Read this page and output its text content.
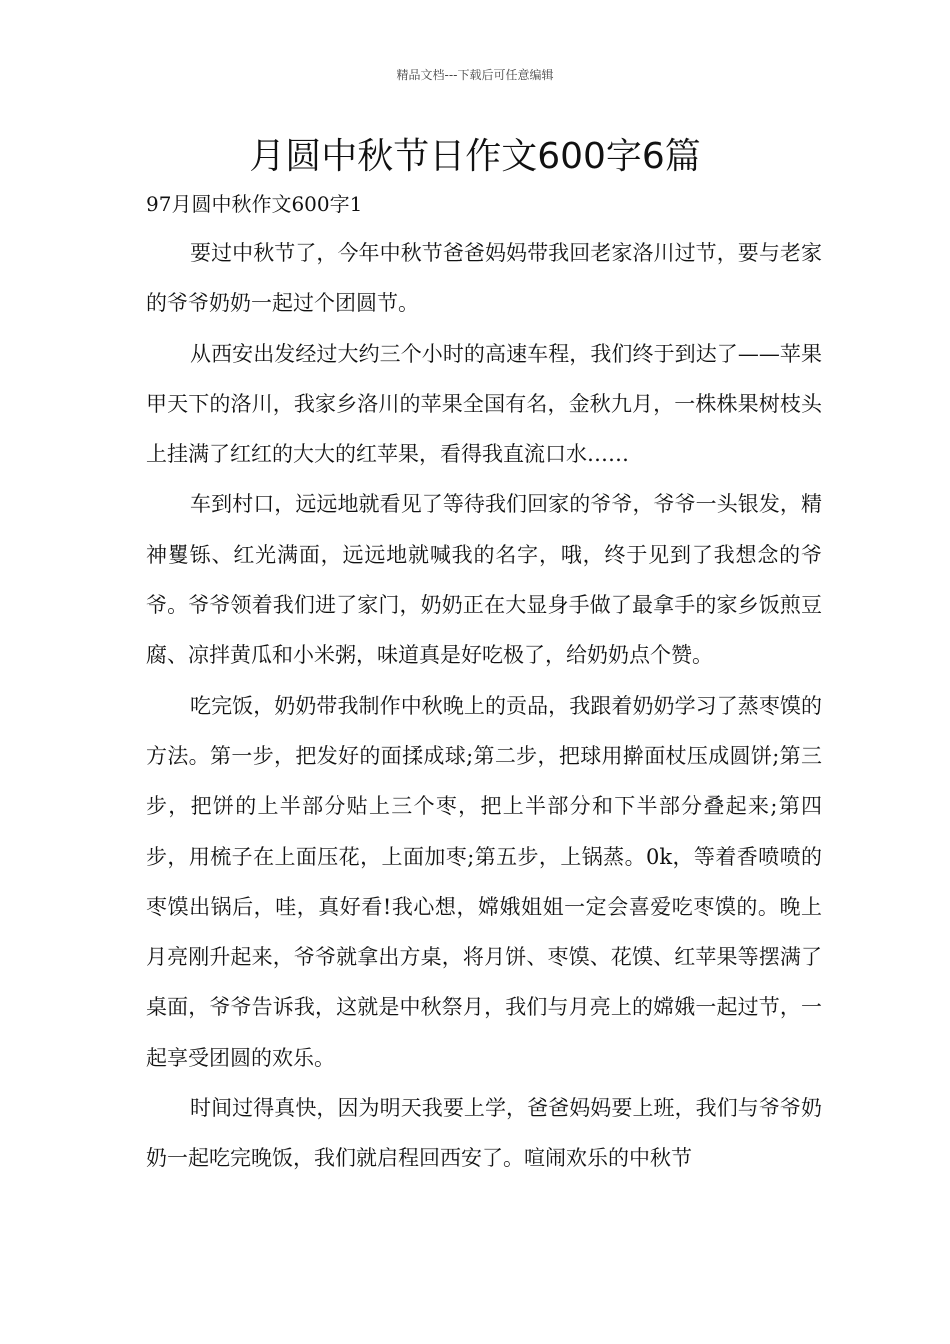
精品文档---下载后可任意编辑
月圆中秋节日作文600字6篇
97月圆中秋作文600字1

要过中秋节了，今年中秋节爸爸妈妈带我回老家洛川过节，要与老家的爷爷奶奶一起过个团圆节。

从西安出发经过大约三个小时的高速车程，我们终于到达了——苹果甲天下的洛川，我家乡洛川的苹果全国有名，金秋九月，一株株果树枝头上挂满了红红的大大的红苹果，看得我直流口水……

车到村口，远远地就看见了等待我们回家的爷爷，爷爷一头银发，精神矍铄、红光满面，远远地就喊我的名字，哦，终于见到了我想念的爷爷。爷爷领着我们进了家门，奶奶正在大显身手做了最拿手的家乡饭煎豆腐、凉拌黄瓜和小米粥，味道真是好吃极了，给奶奶点个赞。

吃完饭，奶奶带我制作中秋晚上的贡品，我跟着奶奶学习了蒸枣馍的方法。第一步，把发好的面揉成球;第二步，把球用擀面杖压成圆饼;第三步，把饼的上半部分贴上三个枣，把上半部分和下半部分叠起来;第四步，用梳子在上面压花，上面加枣;第五步，上锅蒸。0k，等着香喷喷的枣馍出锅后，哇，真好看!我心想，嫦娥姐姐一定会喜爱吃枣馍的。晚上月亮刚升起来，爷爷就拿出方桌，将月饼、枣馍、花馍、红苹果等摆满了桌面，爷爷告诉我，这就是中秋祭月，我们与月亮上的嫦娥一起过节，一起享受团圆的欢乐。

时间过得真快，因为明天我要上学，爸爸妈妈要上班，我们与爷爷奶奶一起吃完晚饭，我们就启程回西安了。喧闹欢乐的中秋节
